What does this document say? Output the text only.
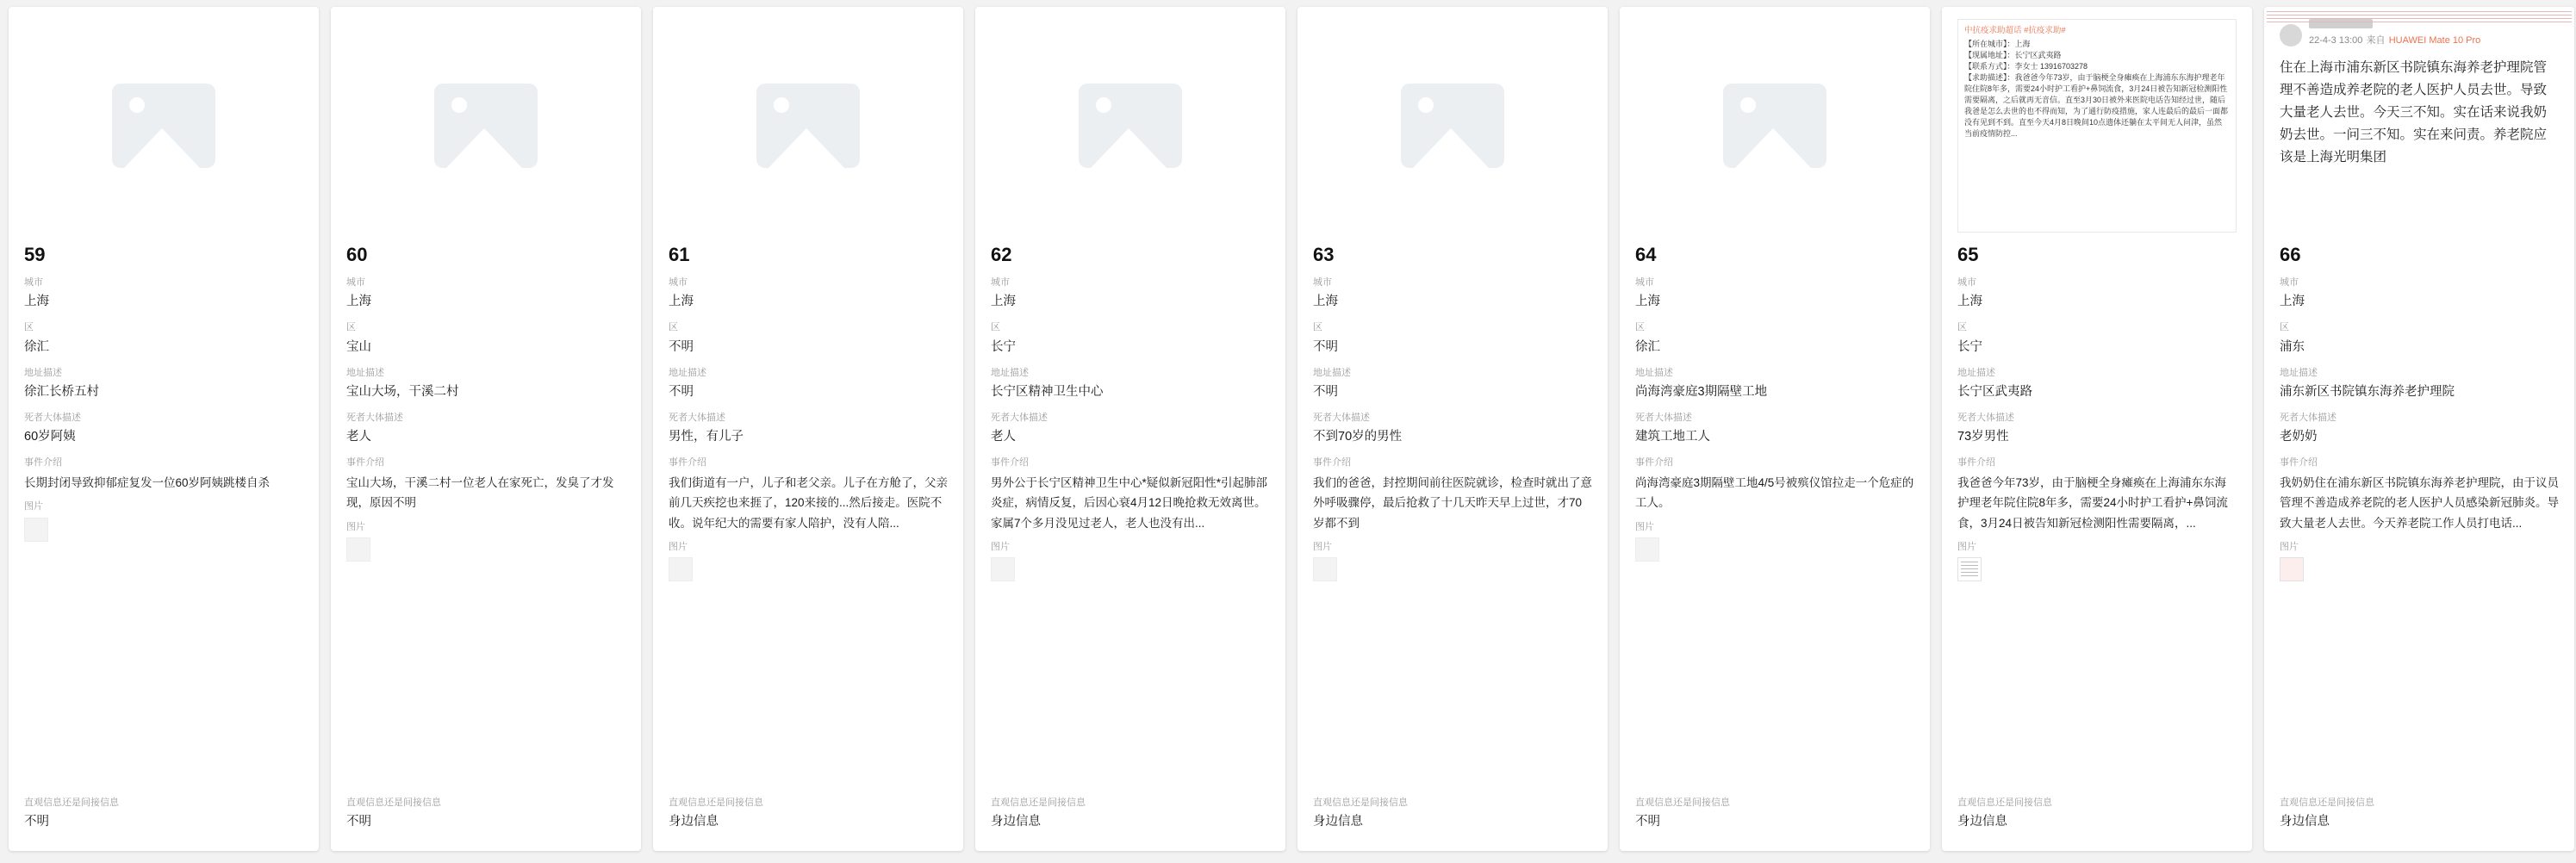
59
城市
上海
区
徐汇
地址描述
徐汇长桥五村
死者大体描述
60岁阿姨
事件介绍
长期封闭导致抑郁症复发一位60岁阿姨跳楼自杀
图片
直观信息还是间接信息
不明
60
城市
上海
区
宝山
地址描述
宝山大场，干溪二村
死者大体描述
老人
事件介绍
宝山大场，干溪二村一位老人在家死亡，发臭了才发现，原因不明
图片
直观信息还是间接信息
不明
61
城市
上海
区
不明
地址描述
不明
死者大体描述
男性，有儿子
事件介绍
我们街道有一户，儿子和老父亲。儿子在方舱了，父亲前几天疾挖也来捱了，120来接的...然后接走。医院不收。说年纪大的需要有家人陪护，没有人陪...
图片
直观信息还是间接信息
身边信息
62
城市
上海
区
长宁
地址描述
长宁区精神卫生中心
死者大体描述
老人
事件介绍
男外公于长宁区精神卫生中心*疑似新冠阳性*引起肺部炎症，病情反复，后因心衰4月12日晚抢救无效离世。家属7个多月没见过老人，老人也没有出...
图片
直观信息还是间接信息
身边信息
63
城市
上海
区
不明
地址描述
不明
死者大体描述
不到70岁的男性
事件介绍
我们的爸爸，封控期间前往医院就诊，检查时就出了意外呼吸骤停，最后抢救了十几天昨天早上过世，才70岁都不到
图片
直观信息还是间接信息
身边信息
64
城市
上海
区
徐汇
地址描述
尚海湾豪庭3期隔壁工地
死者大体描述
建筑工地工人
事件介绍
尚海湾豪庭3期隔壁工地4/5号被殡仪馆拉走一个危症的工人。
图片
直观信息还是间接信息
不明
中抗疫求助超话 #抗疫求助#
【所在城市】：上海
【现属地址】：长宁区武夷路
【联系方式】：李女士 13916703278
【求助描述】：我爸爸今年73岁，由于脑梗全身瘫痪在上海浦东东海护理老年院住院8年多，需要24小时护工看护+鼻饲流食，3月24日被告知新冠检测阳性需要隔离，之后就再无音信。直至3月30日被外来医院电话告知经过世，随后我爸是怎么去世的也不得而知，为了通行防疫措施，家人连最后的最后一面都没有见到不到。直至今天4月8日晚间10点遗体还躺在太平间无人问津，虽然当前疫情防控...
65
城市
上海
区
长宁
地址描述
长宁区武夷路
死者大体描述
73岁男性
事件介绍
我爸爸今年73岁，由于脑梗全身瘫痪在上海浦东东海护理老年院住院8年多，需要24小时护工看护+鼻饲流食，3月24日被告知新冠检测阳性需要隔离，...
图片
直观信息还是间接信息
身边信息
22-4-3 13:00 来自 HUAWEI Mate 10 Pro
住在上海市浦东新区书院镇东海养老护理院管理不善造成养老院的老人医护人员去世。导致大量老人去世。今天三不知。实在话来说我奶奶去世。一问三不知。实在来问责。养老院应该是上海光明集团
66
城市
上海
区
浦东
地址描述
浦东新区书院镇东海养老护理院
死者大体描述
老奶奶
事件介绍
我奶奶住在浦东新区书院镇东海养老护理院，由于议员管理不善造成养老院的老人医护人员感染新冠肺炎。导致大量老人去世。今天养老院工作人员打电话...
图片
直观信息还是间接信息
身边信息
